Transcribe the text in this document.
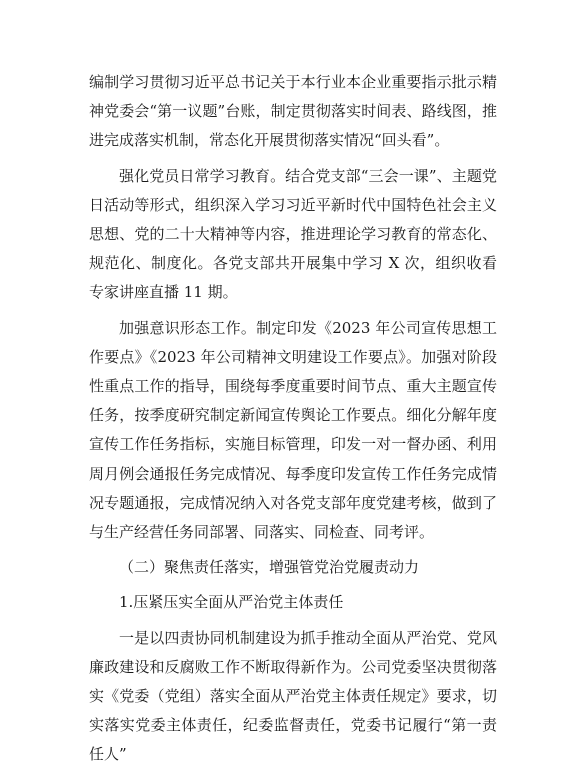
编制学习贯彻习近平总书记关于本行业本企业重要指示批示精神党委会“第一议题”台账，制定贯彻落实时间表、路线图，推进完成落实机制，常态化开展贯彻落实情况“回头看”。

强化党员日常学习教育。结合党支部“三会一课”、主题党日活动等形式，组织深入学习习近平新时代中国特色社会主义思想、党的二十大精神等内容，推进理论学习教育的常态化、规范化、制度化。各党支部共开展集中学习 X 次，组织收看专家讲座直播 11 期。

加强意识形态工作。制定印发《2023 年公司宣传思想工作要点》《2023 年公司精神文明建设工作要点》。加强对阶段性重点工作的指导，围绕每季度重要时间节点、重大主题宣传任务，按季度研究制定新闻宣传舆论工作要点。细化分解年度宣传工作任务指标，实施目标管理，印发一对一督办函、利用周月例会通报任务完成情况、每季度印发宣传工作任务完成情况专题通报，完成情况纳入对各党支部年度党建考核，做到了与生产经营任务同部署、同落实、同检查、同考评。

（二）聚焦责任落实，增强管党治党履责动力

1.压紧压实全面从严治党主体责任

一是以四责协同机制建设为抓手推动全面从严治党、党风廉政建设和反腐败工作不断取得新作为。公司党委坚决贯彻落实《党委（党组）落实全面从严治党主体责任规定》要求，切实落实党委主体责任，纪委监督责任，党委书记履行“第一责任人”
